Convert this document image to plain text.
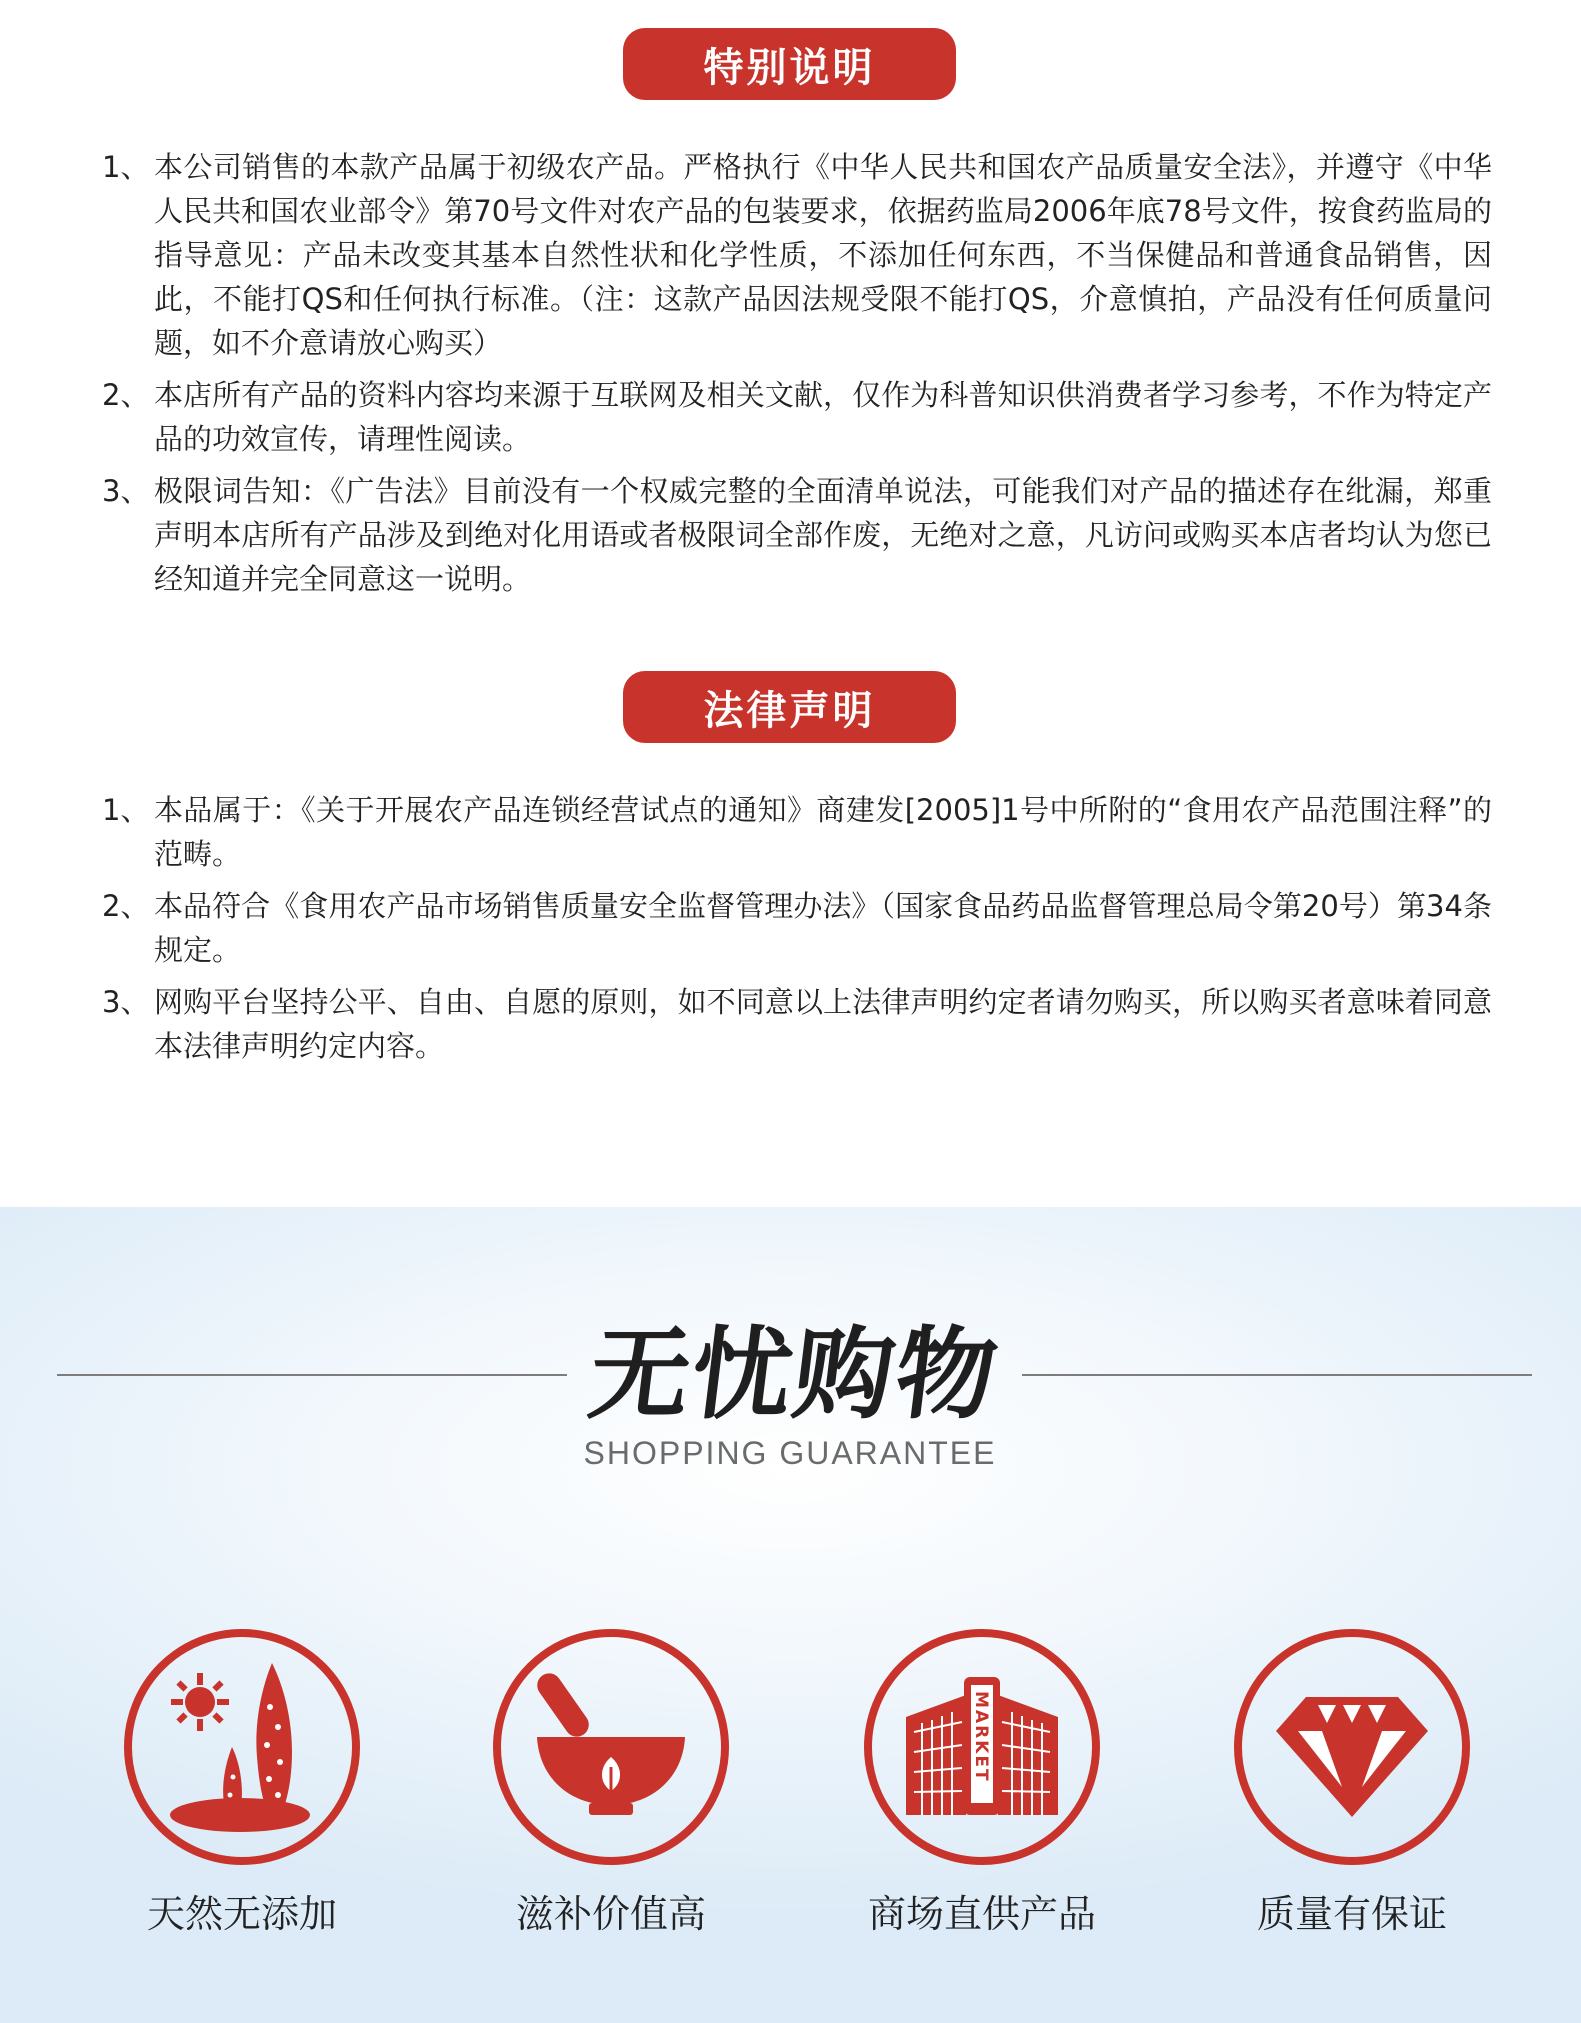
特别说明
1、 本公司销售的本款产品属于初级农产品。严格执行《中华人民共和国农产品质量安全法》，并遵守《中华人民共和国农业部令》第70号文件对农产品的包装要求，依据药监局2006年底78号文件，按食药监局的指导意见：产品未改变其基本自然性状和化学性质，不添加任何东西，不当保健品和普通食品销售，因此，不能打QS和任何执行标准。（注：这款产品因法规受限不能打QS，介意慎拍，产品没有任何质量问题，如不介意请放心购买）
2、 本店所有产品的资料内容均来源于互联网及相关文献，仅作为科普知识供消费者学习参考，不作为特定产品的功效宣传，请理性阅读。
3、 极限词告知：《广告法》目前没有一个权威完整的全面清单说法，可能我们对产品的描述存在纰漏，郑重声明本店所有产品涉及到绝对化用语或者极限词全部作废，无绝对之意，凡访问或购买本店者均认为您已经知道并完全同意这一说明。
法律声明
1、 本品属于：《关于开展农产品连锁经营试点的通知》商建发[2005]1号中所附的“食用农产品范围注释”的范畴。
2、 本品符合《食用农产品市场销售质量安全监督管理办法》（国家食品药品监督管理总局令第20号）第34条规定。
3、 网购平台坚持公平、自由、自愿的原则，如不同意以上法律声明约定者请勿购买，所以购买者意味着同意本法律声明约定内容。
无忧购物
SHOPPING GUARANTEE
天然无添加	滋补价值高
MARKET
商场直供产品	质量有保证
